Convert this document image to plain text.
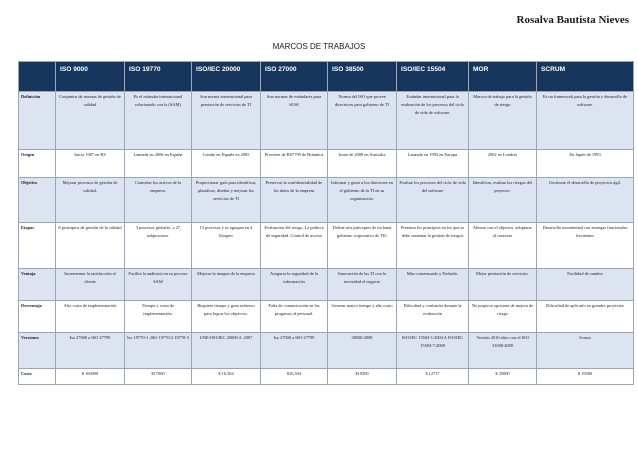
Rosalva Bautista Nieves
MARCOS DE TRABAJOS
	ISO 9000	ISO 19770	ISO/IEC 20000	ISO 27000	ISO 38500	ISO/IEC 15504	MOR	SCRUM
Definición	Conjuntos de normas de gestión de calidad	Es el estándar internacional relacionado con la (SAM)	Son norma internacional para prestación de servicios de TI	Son normas de estándares para SGSI	Norma del ISO que provee directrices para gobierno de TI	Estándar internacional para la evaluación de los procesos del ciclo de vida de software.	Marcos de trabajo para la gestión de riesgo	Es un framework para la gestión y desarrollo de software.
Origen	Inicia 1987 en BS	Lanzada en 2006 en España	Creado en España en 2005	Proviene de BS7799 de Británica	Junio de 2008 en Australia	Lanzado en 1993 en Europa	2002 en Londres	En Japón de 1993
Objetivo	Mejorar procesos de gestión de calidad.	Controlar los activos de la empresa.	Proporcionar guía para identificar, planificar, diseñar y mejorar los servicios de TI	Preservar la confidencialidad de los datos de la empresa	Informar y guiar a los directores en el gobierno de la TI en su organización.	Evaluar los procesos del ciclo de vida del software	Identificar, evaluar los riesgos del proyecto.	Gestionar el desarrollo de proyectos ágil.
Etapas	8 principios de gestión de la calidad	3 procesos globales, y 27 subprocesos.	13 procesos y se agrupan en 4 bloques	Evaluación del riesgo, La política de seguridad. Control de acceso	Define seis principios de un buen gobierno corporativo de TIC	Presenta los principios en los que se debe sustentar la gestión de riesgos	Alinear con el objetivo, adoptarse al contexto	Desarrollo incremental con entregas funcionales frecuentes
Ventaja	Incrementar la satisfacción al cliente	Facilita la auditoría en su proceso SAM	Mejorar la imagen de la empresa	Asegurar la seguridad de la información	Innovación de las TI con la necesidad el negocio	Más consensuado y Probado.	Mejor prestación de servicios.	Facilidad de cambio
Desventaja	Alto costo de implementación	Tiempo y costo de implementación.	Requiere tiempo y gran esfuerzo para lograr los objetivos.	Falta de comunicación en los progresos al personal.	Generar mayor tiempo y alto costo	Dificultad y confusión durante la evaluación	No propicia opciones de mejora de riesgo	Dificultad de aplicarlo en grandes proyectos
Versiones	Iso 27000 a ISO 27799	Iso 19770-1 ,ISO 19770-2 19770-3	UNE-ISO/IEC 20000-2: 2007	Iso 27000 a ISO 27799	38500:2008	ISO/IEC 15504-1:2004 A ISO/IEC 15504-7:2008	Versión 2010 altos con el ISO 31000:2009	Scrum
Costo	$ 100000	$17000	$ 16,504	$16,504	$19500	$ 12717	$ 35000	$ 19500
